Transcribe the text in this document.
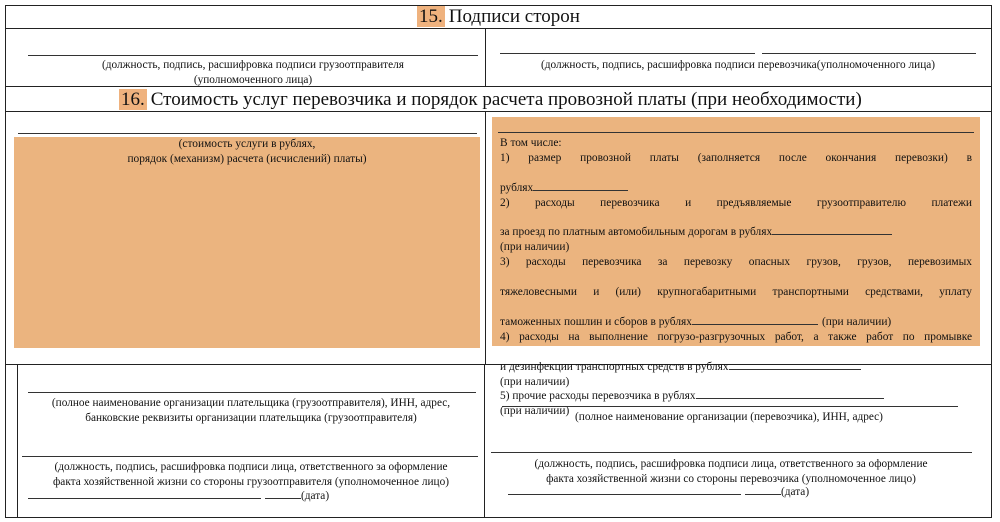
15. Подписи сторон
(должность, подпись, расшифровка подписи грузоотправителя
(уполномоченного лица)
(должность, подпись, расшифровка подписи перевозчика(уполномоченного лица)
16. Стоимость услуг перевозчика и порядок расчета провозной платы (при необходимости)
(стоимость услуги в рублях,
порядок (механизм) расчета (исчислений) платы)

В том числе:

1) размер провозной платы (заполняется после окончания перевозки) в

рублях

2) расходы перевозчика и предъявляемые грузоотправителю платежи

за проезд по платным автомобильным дорогам в рублях

(при наличии)

3) расходы перевозчика за перевозку опасных грузов, грузов, перевозимых

тяжеловесными и (или) крупногабаритными транспортными средствами, уплату

таможенных пошлин и сборов в рублях	(при наличии)

4) расходы на выполнение погрузо-разгрузочных работ, а также работ по промывке

и дезинфекции транспортных средств в рублях

(при наличии)

5) прочие расходы перевозчика в рублях

(при наличии)

(полное наименование организации плательщика (грузоотправителя), ИНН, адрес,
банковские реквизиты организации плательщика (грузоотправителя)
(должность, подпись, расшифровка подписи лица, ответственного за оформление
факта хозяйственной жизни со стороны грузоотправителя (уполномоченное лицо)
(дата)
(полное наименование организации (перевозчика), ИНН, адрес)
(должность, подпись, расшифровка подписи лица, ответственного за оформление
факта хозяйственной жизни со стороны перевозчика (уполномоченное лицо)
(дата)
